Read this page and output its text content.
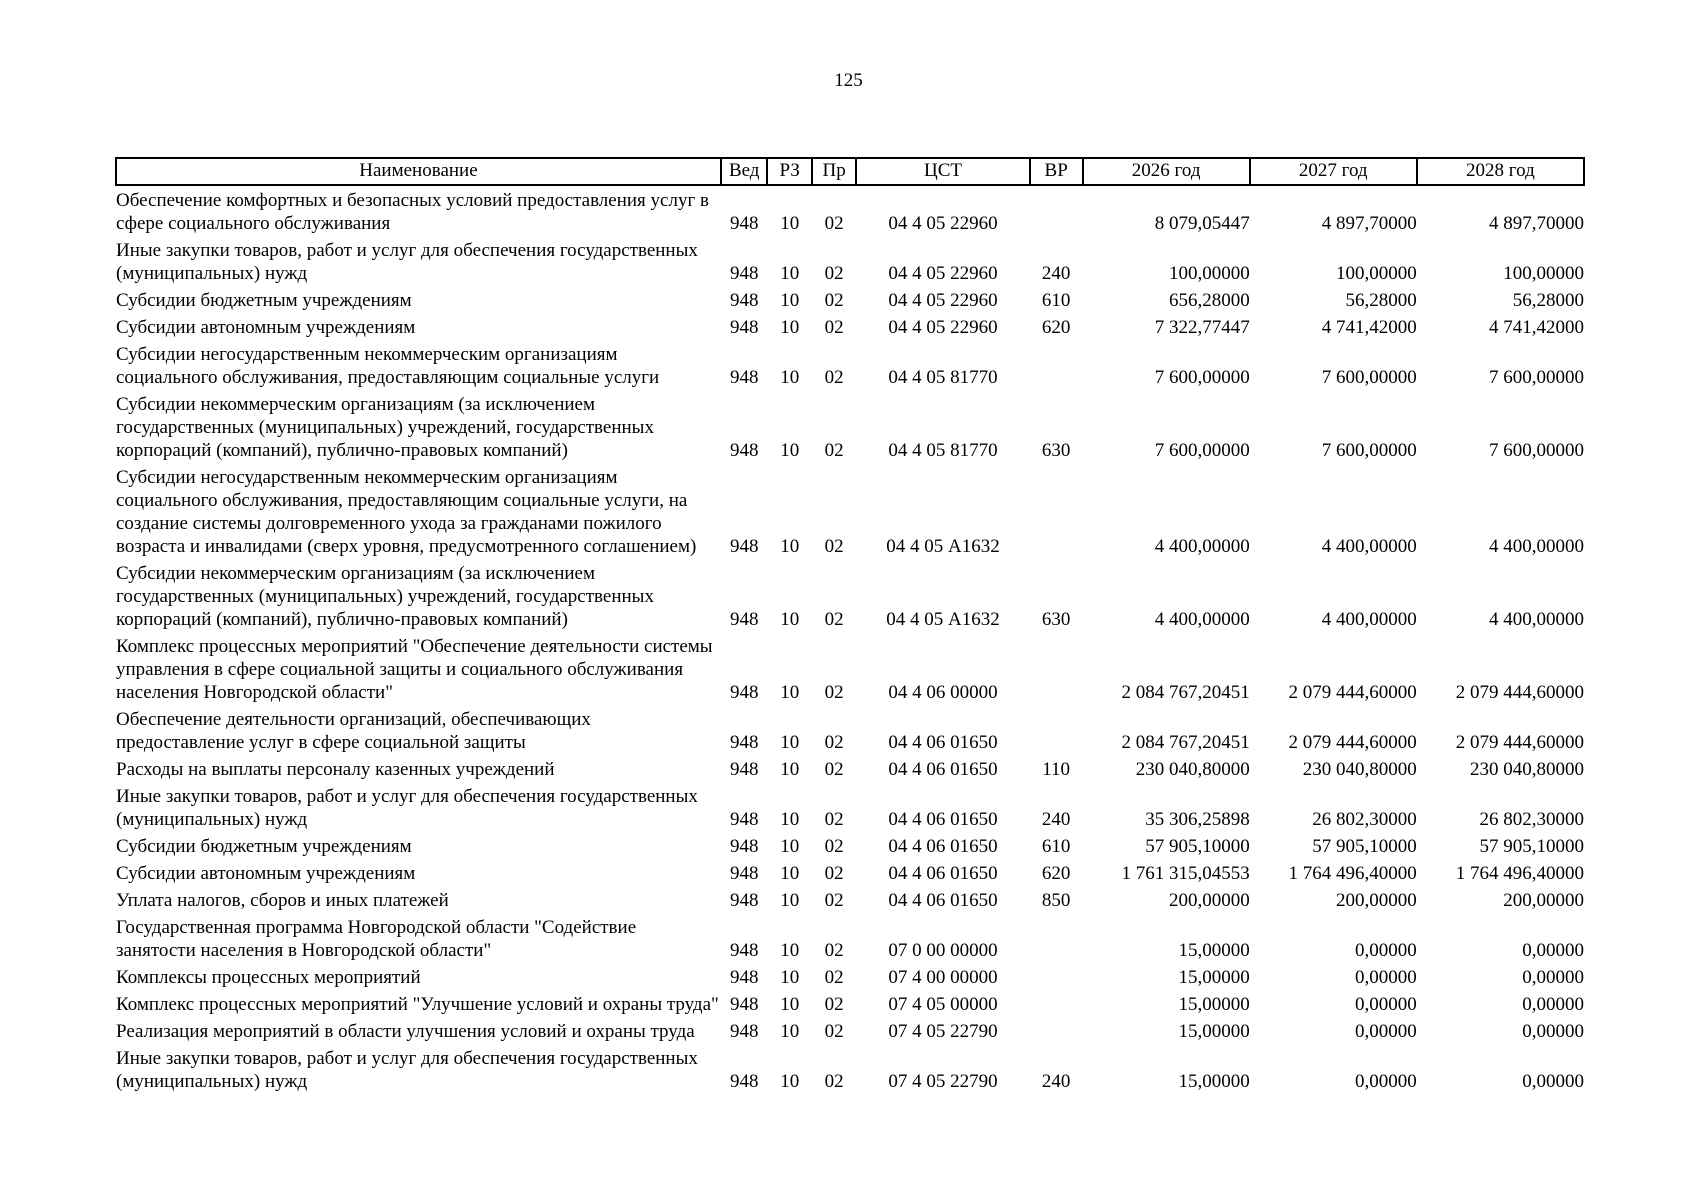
125
Наименование	Вед	РЗ	Пр	ЦСТ	ВР	2026 год	2027 год	2028 год
Обеспечение комфортных и безопасных условий предоставления услуг в сфере социального обслуживания	948	10	02	04 4 05 22960		8 079,05447	4 897,70000	4 897,70000
Иные закупки товаров, работ и услуг для обеспечения государственных (муниципальных) нужд	948	10	02	04 4 05 22960	240	100,00000	100,00000	100,00000
Субсидии бюджетным учреждениям	948	10	02	04 4 05 22960	610	656,28000	56,28000	56,28000
Субсидии автономным учреждениям	948	10	02	04 4 05 22960	620	7 322,77447	4 741,42000	4 741,42000
Субсидии негосударственным некоммерческим организациям социального обслуживания, предоставляющим социальные услуги	948	10	02	04 4 05 81770		7 600,00000	7 600,00000	7 600,00000
Субсидии некоммерческим организациям (за исключением государственных (муниципальных) учреждений, государственных корпораций (компаний), публично-правовых компаний)	948	10	02	04 4 05 81770	630	7 600,00000	7 600,00000	7 600,00000
Субсидии негосударственным некоммерческим организациям социального обслуживания, предоставляющим социальные услуги, на создание системы долговременного ухода за гражданами пожилого возраста и инвалидами (сверх уровня, предусмотренного соглашением)	948	10	02	04 4 05 А1632		4 400,00000	4 400,00000	4 400,00000
Субсидии некоммерческим организациям (за исключением государственных (муниципальных) учреждений, государственных корпораций (компаний), публично-правовых компаний)	948	10	02	04 4 05 А1632	630	4 400,00000	4 400,00000	4 400,00000
Комплекс процессных мероприятий "Обеспечение деятельности системы управления в сфере социальной защиты и социального обслуживания населения Новгородской области"	948	10	02	04 4 06 00000		2 084 767,20451	2 079 444,60000	2 079 444,60000
Обеспечение деятельности организаций, обеспечивающих предоставление услуг в сфере социальной защиты	948	10	02	04 4 06 01650		2 084 767,20451	2 079 444,60000	2 079 444,60000
Расходы на выплаты персоналу казенных учреждений	948	10	02	04 4 06 01650	110	230 040,80000	230 040,80000	230 040,80000
Иные закупки товаров, работ и услуг для обеспечения государственных (муниципальных) нужд	948	10	02	04 4 06 01650	240	35 306,25898	26 802,30000	26 802,30000
Субсидии бюджетным учреждениям	948	10	02	04 4 06 01650	610	57 905,10000	57 905,10000	57 905,10000
Субсидии автономным учреждениям	948	10	02	04 4 06 01650	620	1 761 315,04553	1 764 496,40000	1 764 496,40000
Уплата налогов, сборов и иных платежей	948	10	02	04 4 06 01650	850	200,00000	200,00000	200,00000
Государственная программа Новгородской области "Содействие занятости населения в Новгородской области"	948	10	02	07 0 00 00000		15,00000	0,00000	0,00000
Комплексы процессных мероприятий	948	10	02	07 4 00 00000		15,00000	0,00000	0,00000
Комплекс процессных мероприятий "Улучшение условий и охраны труда"	948	10	02	07 4 05 00000		15,00000	0,00000	0,00000
Реализация мероприятий в области улучшения условий и охраны труда	948	10	02	07 4 05 22790		15,00000	0,00000	0,00000
Иные закупки товаров, работ и услуг для обеспечения государственных (муниципальных) нужд	948	10	02	07 4 05 22790	240	15,00000	0,00000	0,00000
